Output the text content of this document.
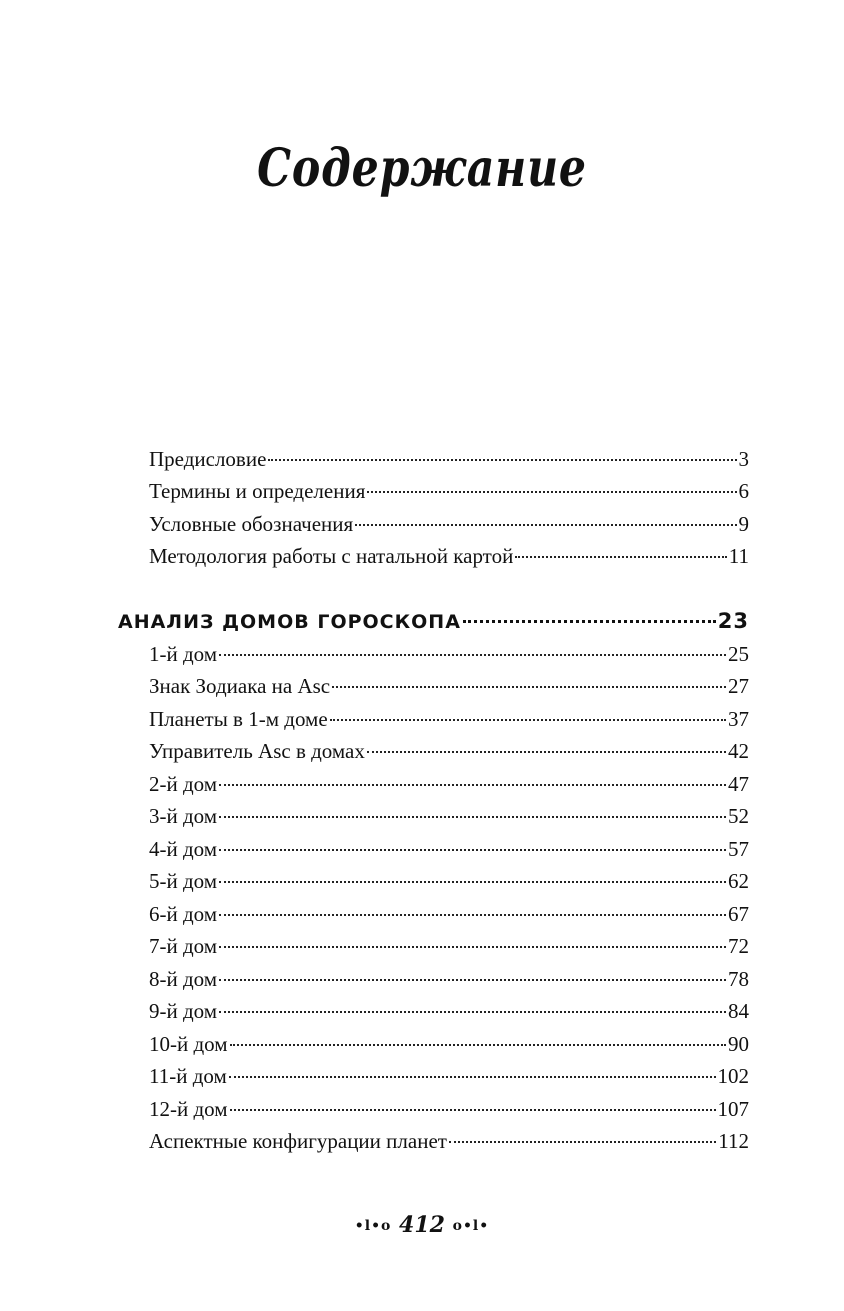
Содержание
Предисловие	3
Термины и определения	6
Условные обозначения	9
Методология работы с натальной картой	11
АНАЛИЗ ДОМОВ ГОРОСКОПА	23
1-й дом	25
Знак Зодиака на Asc	27
Планеты в 1-м доме	37
Управитель Asc в домах	42
2-й дом	47
3-й дом	52
4-й дом	57
5-й дом	62
6-й дом	67
7-й дом	72
8-й дом	78
9-й дом	84
10-й дом	90
11-й дом	102
12-й дом	107
Аспектные конфигурации планет	112
•l•o 412 o•l•
